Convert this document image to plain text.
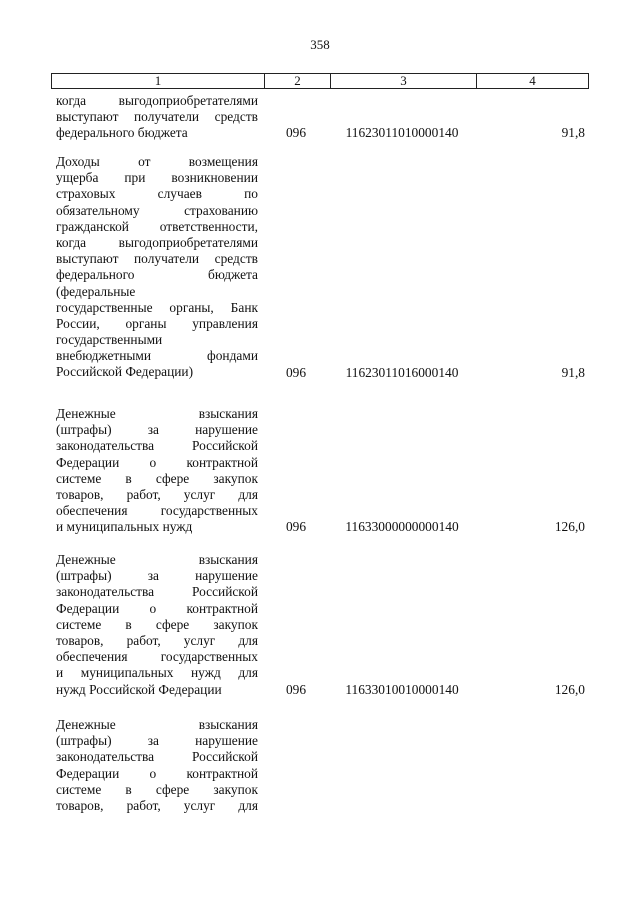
358
1	2	3	4
когда выгодоприобретателями
выступают получатели средств
федерального бюджета	096	11623011010000140	91,8
Доходы от возмещения
ущерба при возникновении
страховых случаев по
обязательному страхованию
гражданской ответственности,
когда выгодоприобретателями
выступают получатели средств
федерального бюджета
(федеральные
государственные органы, Банк
России, органы управления
государственными
внебюджетными фондами
Российской Федерации)	096	11623011016000140	91,8
Денежные взыскания
(штрафы) за нарушение
законодательства Российской
Федерации о контрактной
системе в сфере закупок
товаров, работ, услуг для
обеспечения государственных
и муниципальных нужд	096	11633000000000140	126,0
Денежные взыскания
(штрафы) за нарушение
законодательства Российской
Федерации о контрактной
системе в сфере закупок
товаров, работ, услуг для
обеспечения государственных
и муниципальных нужд для
нужд Российской Федерации	096	11633010010000140	126,0
Денежные взыскания
(штрафы) за нарушение
законодательства Российской
Федерации о контрактной
системе в сфере закупок
товаров, работ, услуг для
